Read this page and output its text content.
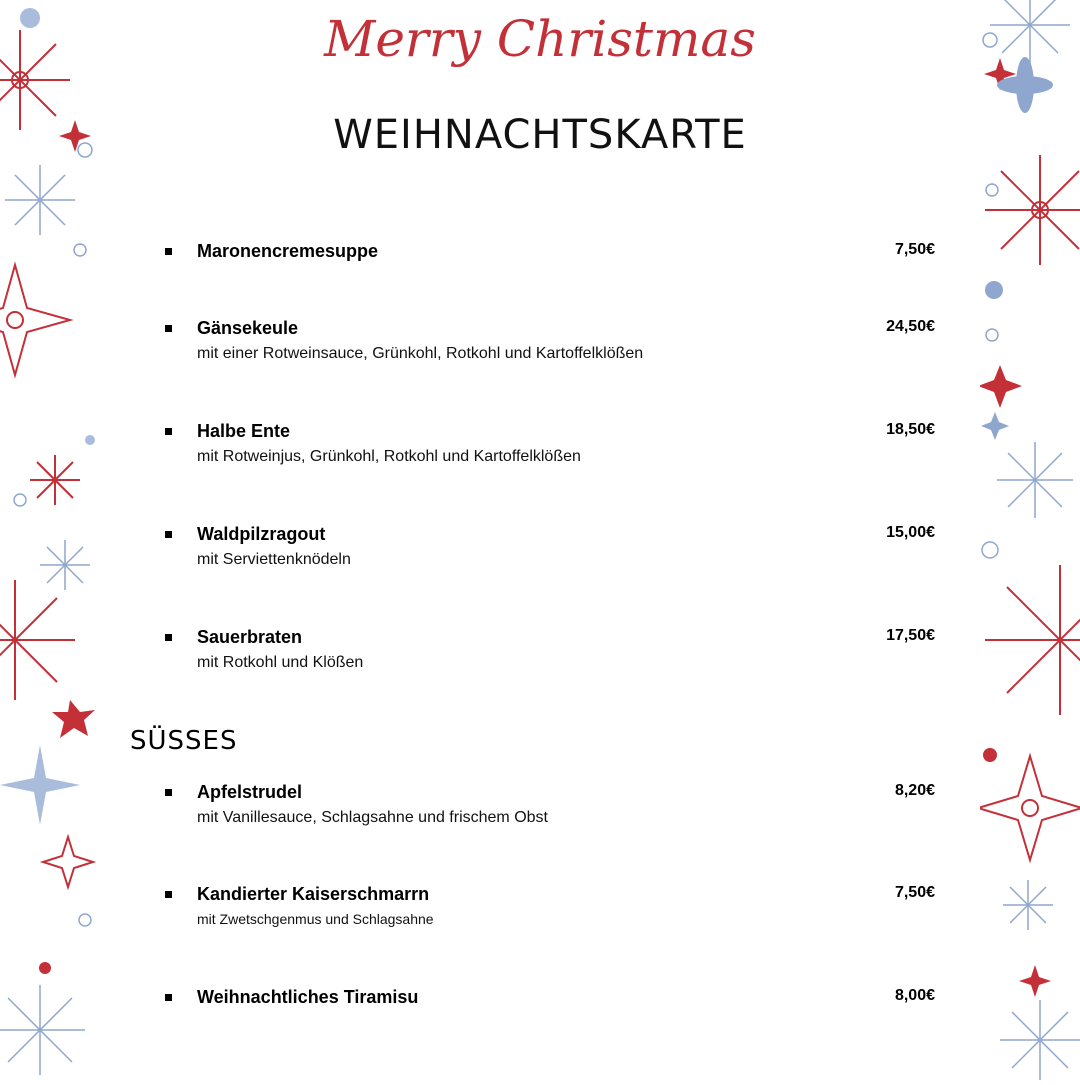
Merry Christmas
WEIHNACHTSKARTE
Maronencremesuppe	7,50€
Gänsekeule
mit einer Rotweinsauce, Grünkohl, Rotkohl und Kartoffelklößen
24,50€
Halbe Ente
mit Rotweinjus, Grünkohl, Rotkohl und Kartoffelklößen
18,50€
Waldpilzragout
mit Serviettenknödeln
15,00€
Sauerbraten
mit Rotkohl und Klößen
17,50€
SÜSSES
Apfelstrudel
mit Vanillesauce, Schlagsahne und frischem Obst
8,20€
Kandierter Kaiserschmarrn
mit Zwetschgenmus und Schlagsahne
7,50€
Weihnachtliches Tiramisu	8,00€
